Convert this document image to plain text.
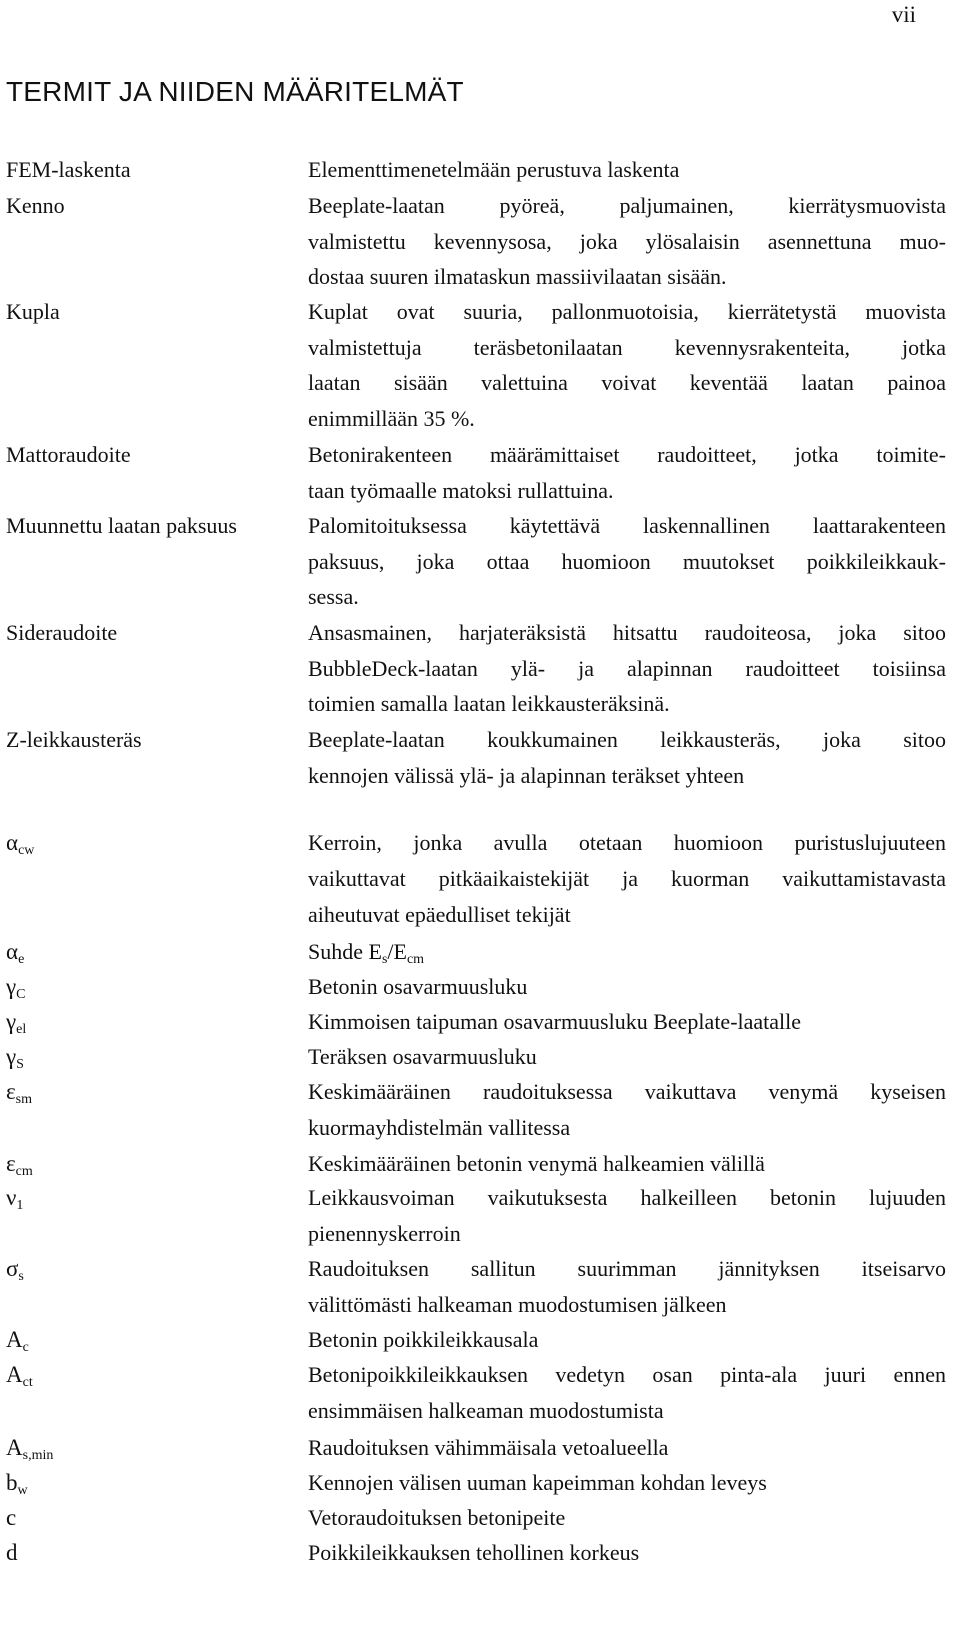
vii
TERMIT JA NIIDEN MÄÄRITELMÄT
FEM-laskenta	Elementtimenetelmään perustuva laskenta
Kenno	Beeplate-laatan pyöreä, paljumainen, kierrätysmuovista
valmistettu kevennysosa, joka ylösalaisin asennettuna muo-
dostaa suuren ilmataskun massiivilaatan sisään.
Kupla	Kuplat ovat suuria, pallonmuotoisia, kierrätetystä muovista
valmistettuja teräsbetonilaatan kevennysrakenteita, jotka
laatan sisään valettuina voivat keventää laatan painoa
enimmillään 35 %.
Mattoraudoite	Betonirakenteen määrämittaiset raudoitteet, jotka toimite-
taan työmaalle matoksi rullattuina.
Muunnettu laatan paksuus	Palomitoituksessa käytettävä laskennallinen laattarakenteen
paksuus, joka ottaa huomioon muutokset poikkileikkauk-
sessa.
Sideraudoite	Ansasmainen, harjateräksistä hitsattu raudoiteosa, joka sitoo
BubbleDeck-laatan ylä- ja alapinnan raudoitteet toisiinsa
toimien samalla laatan leikkausteräksinä.
Z-leikkausteräs	Beeplate-laatan koukkumainen leikkausteräs, joka sitoo
kennojen välissä ylä- ja alapinnan teräkset yhteen
$\alpha_{cw}$	Kerroin, jonka avulla otetaan huomioon puristuslujuuteen
vaikuttavat pitkäaikaistekijät ja kuorman vaikuttamistavasta
aiheutuvat epäedulliset tekijät
$\alpha_e$	Suhde $E_s/E_{cm}$
$\gamma_C$	Betonin osavarmuusluku
$\gamma_{el}$	Kimmoisen taipuman osavarmuusluku Beeplate-laatalle
$\gamma_S$	Teräksen osavarmuusluku
$\varepsilon_{sm}$	Keskimääräinen raudoituksessa vaikuttava venymä kyseisen
kuormayhdistelmän vallitessa
$\varepsilon_{cm}$	Keskimääräinen betonin venymä halkeamien välillä
$\nu_1$	Leikkausvoiman vaikutuksesta halkeilleen betonin lujuuden
pienennyskerroin
$\sigma_s$	Raudoituksen sallitun suurimman jännityksen itseisarvo
välittömästi halkeaman muodostumisen jälkeen
$A_c$	Betonin poikkileikkausala
$A_{ct}$	Betonipoikkileikkauksen vedetyn osan pinta-ala juuri ennen
ensimmäisen halkeaman muodostumista
$A_{s,min}$	Raudoituksen vähimmäisala vetoalueella
$b_w$	Kennojen välisen uuman kapeimman kohdan leveys
c	Vetoraudoituksen betonipeite
d	Poikkileikkauksen tehollinen korkeus
